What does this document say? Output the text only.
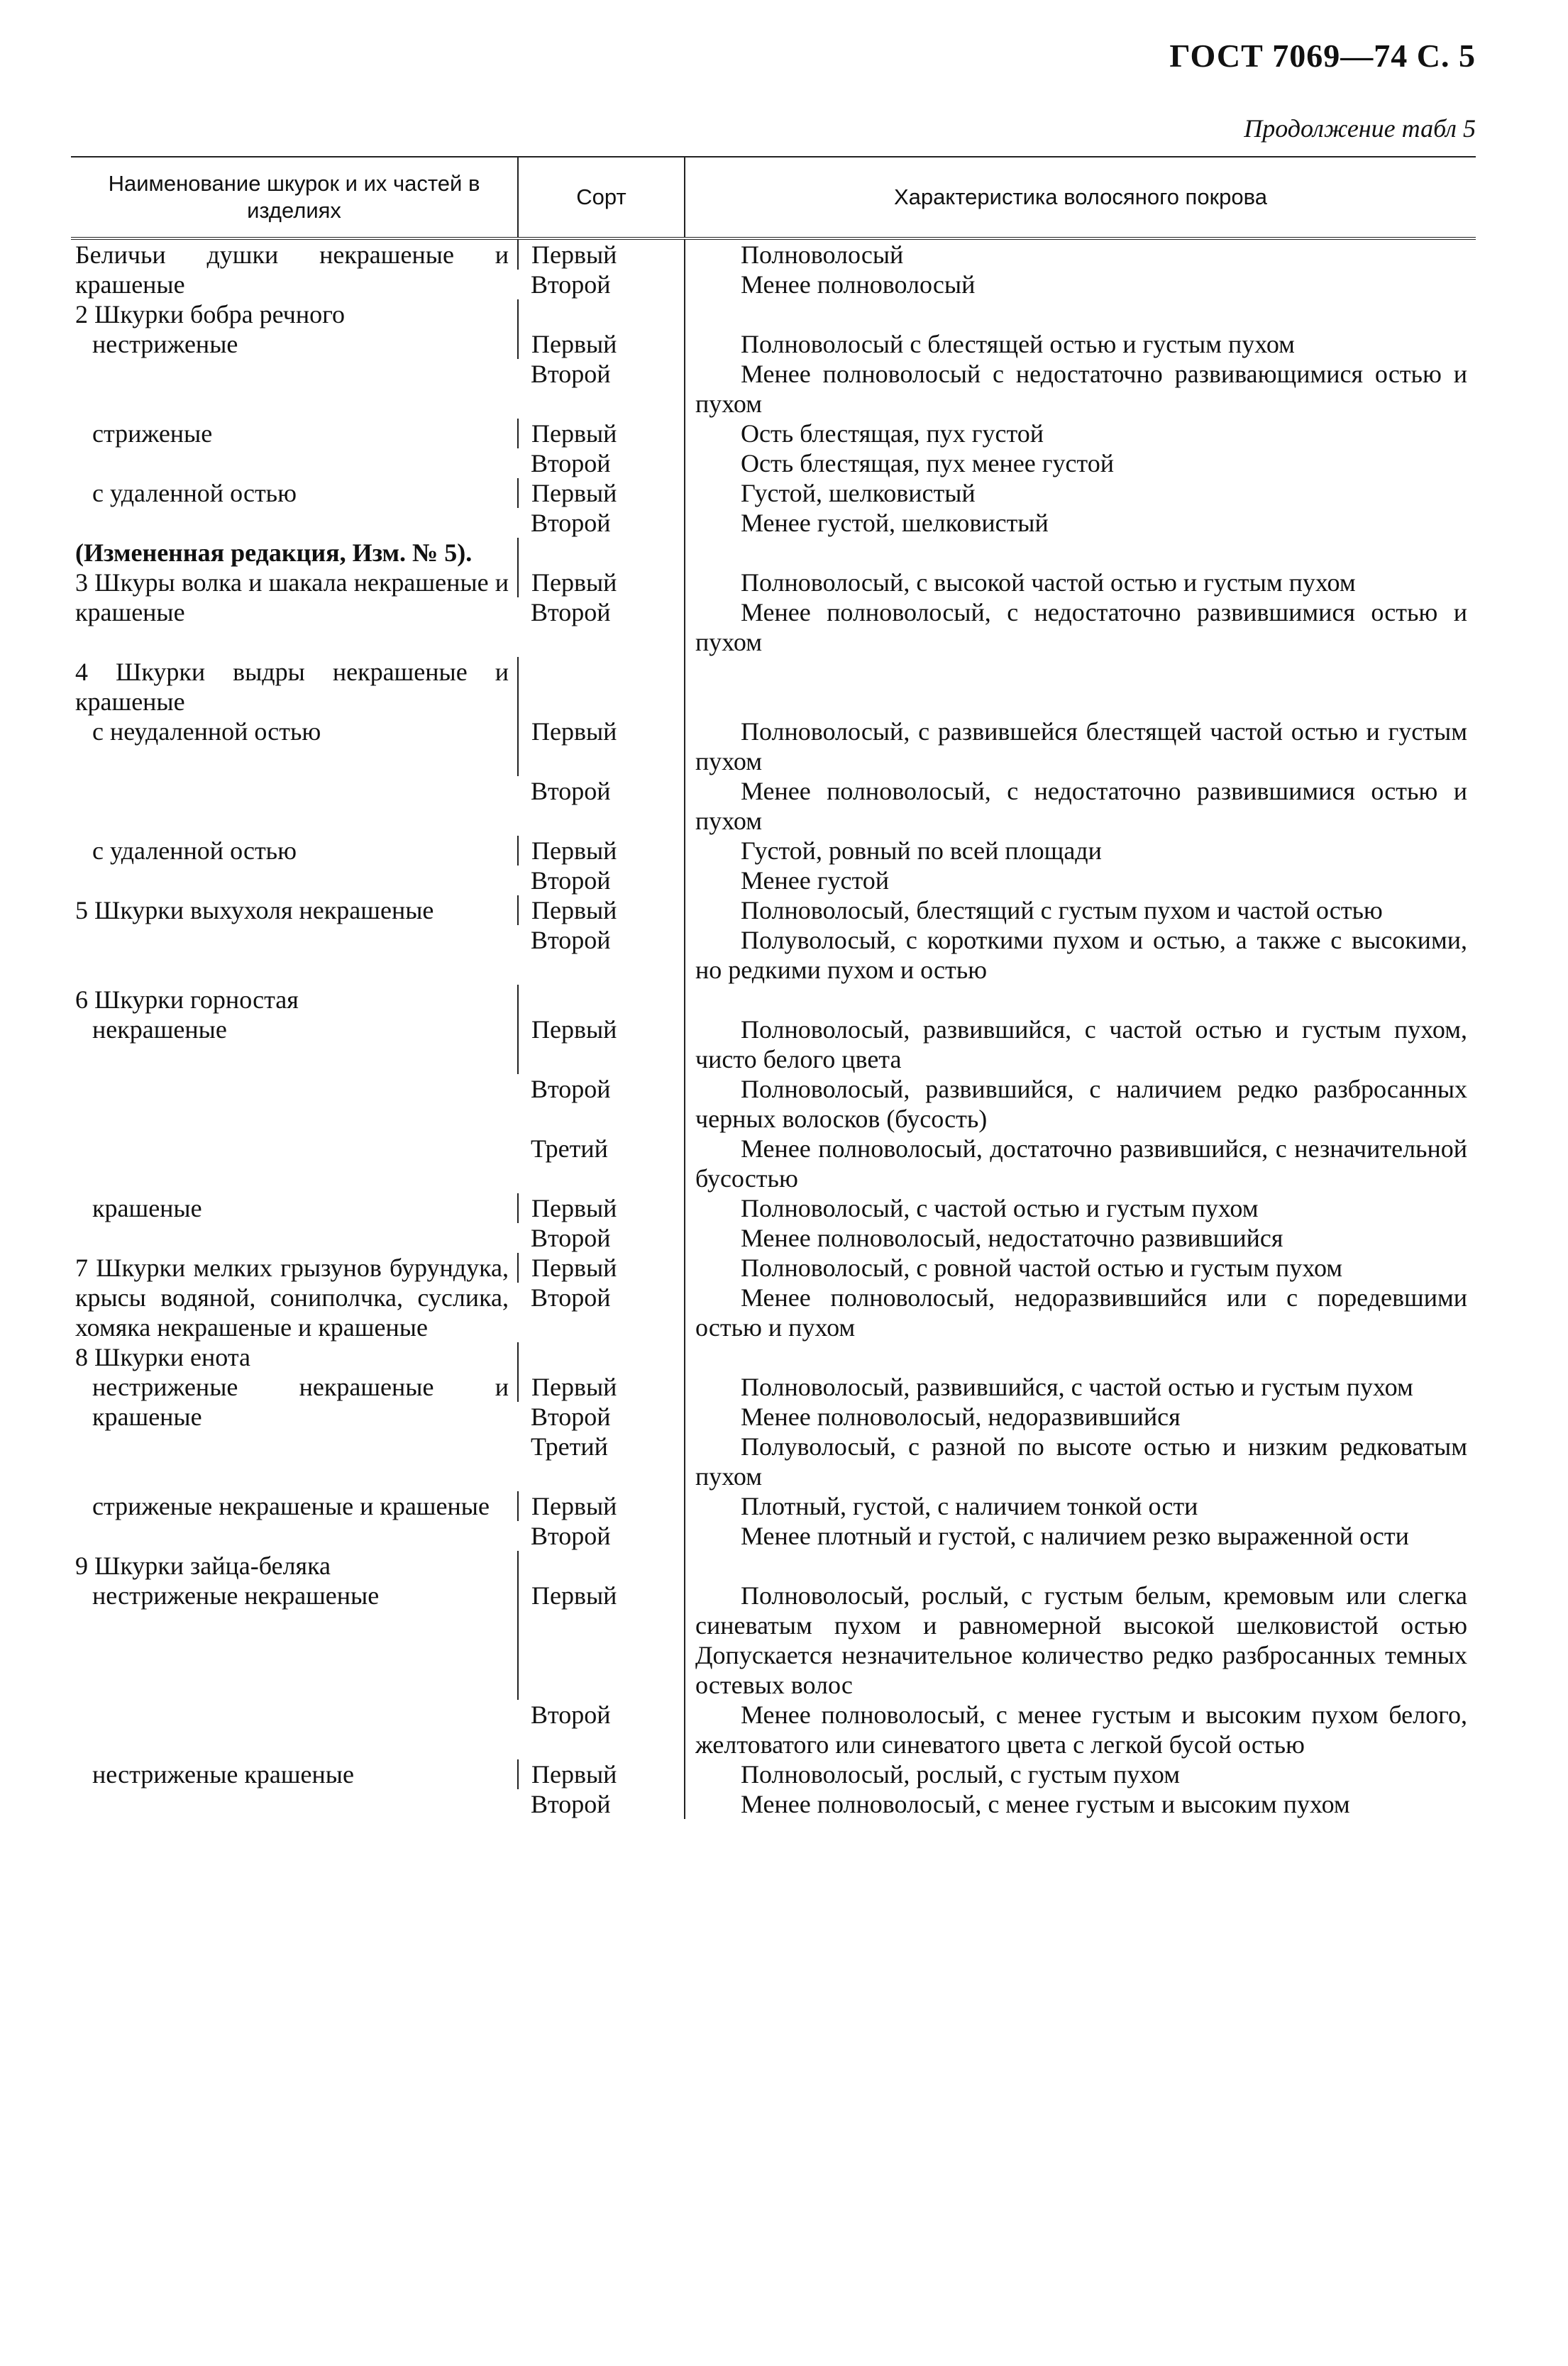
ГОСТ 7069—74 С. 5
Продолжение табл 5
Наименование шкурок и их частей в изделиях	Сорт	Характеристика волосяного покрова
Беличьи душки некрашеные и крашеные	Первый	Полноволосый
	Второй	Менее полноволосый
2 Шкурки бобра речного		
нестриженые	Первый	Полноволосый с блестящей остью и густым пухом
	Второй	Менее полноволосый с недостаточно развивающимися остью и пухом
стриженые	Первый	Ость блестящая, пух густой
	Второй	Ость блестящая, пух менее густой
с удаленной остью	Первый	Густой, шелковистый
	Второй	Менее густой, шелковистый
(Измененная редакция, Изм. № 5).		
3 Шкуры волка и шакала некрашеные и крашеные	Первый	Полноволосый, с высокой частой остью и густым пухом
	Второй	Менее полноволосый, с недостаточно развившимися остью и пухом
4 Шкурки выдры некрашеные и крашеные		
с неудаленной остью	Первый	Полноволосый, с развившейся блестящей частой остью и густым пухом
	Второй	Менее полноволосый, с недостаточно развившимися остью и пухом
с удаленной остью	Первый	Густой, ровный по всей площади
	Второй	Менее густой
5 Шкурки выхухоля некрашеные	Первый	Полноволосый, блестящий с густым пухом и частой остью
	Второй	Полуволосый, с короткими пухом и остью, а также с высокими, но редкими пухом и остью
6 Шкурки горностая		
некрашеные	Первый	Полноволосый, развившийся, с частой остью и густым пухом, чисто белого цвета
	Второй	Полноволосый, развившийся, с наличием редко разбросанных черных волосков (бусость)
	Третий	Менее полноволосый, достаточно развившийся, с незначительной бусостью
крашеные	Первый	Полноволосый, с частой остью и густым пухом
	Второй	Менее полноволосый, недостаточно развившийся
7 Шкурки мелких грызунов бурундука, крысы водяной, сониполчка, суслика, хомяка некрашеные и крашеные	Первый	Полноволосый, с ровной частой остью и густым пухом
	Второй	Менее полноволосый, недоразвившийся или с поредевшими остью и пухом
8 Шкурки енота		
нестриженые некрашеные и крашеные	Первый	Полноволосый, развившийся, с частой остью и густым пухом
	Второй	Менее полноволосый, недоразвившийся
	Третий	Полуволосый, с разной по высоте остью и низким редковатым пухом
стриженые некрашеные и крашеные	Первый	Плотный, густой, с наличием тонкой ости
	Второй	Менее плотный и густой, с наличием резко выраженной ости
9 Шкурки зайца-беляка		
нестриженые некрашеные	Первый	Полноволосый, рослый, с густым белым, кремовым или слегка синеватым пухом и равномерной высокой шелковистой остью Допускается незначительное количество редко разбросанных темных остевых волос
	Второй	Менее полноволосый, с менее густым и высоким пухом белого, желтоватого или синеватого цвета с легкой бусой остью
нестриженые крашеные	Первый	Полноволосый, рослый, с густым пухом
	Второй	Менее полноволосый, с менее густым и высоким пухом
